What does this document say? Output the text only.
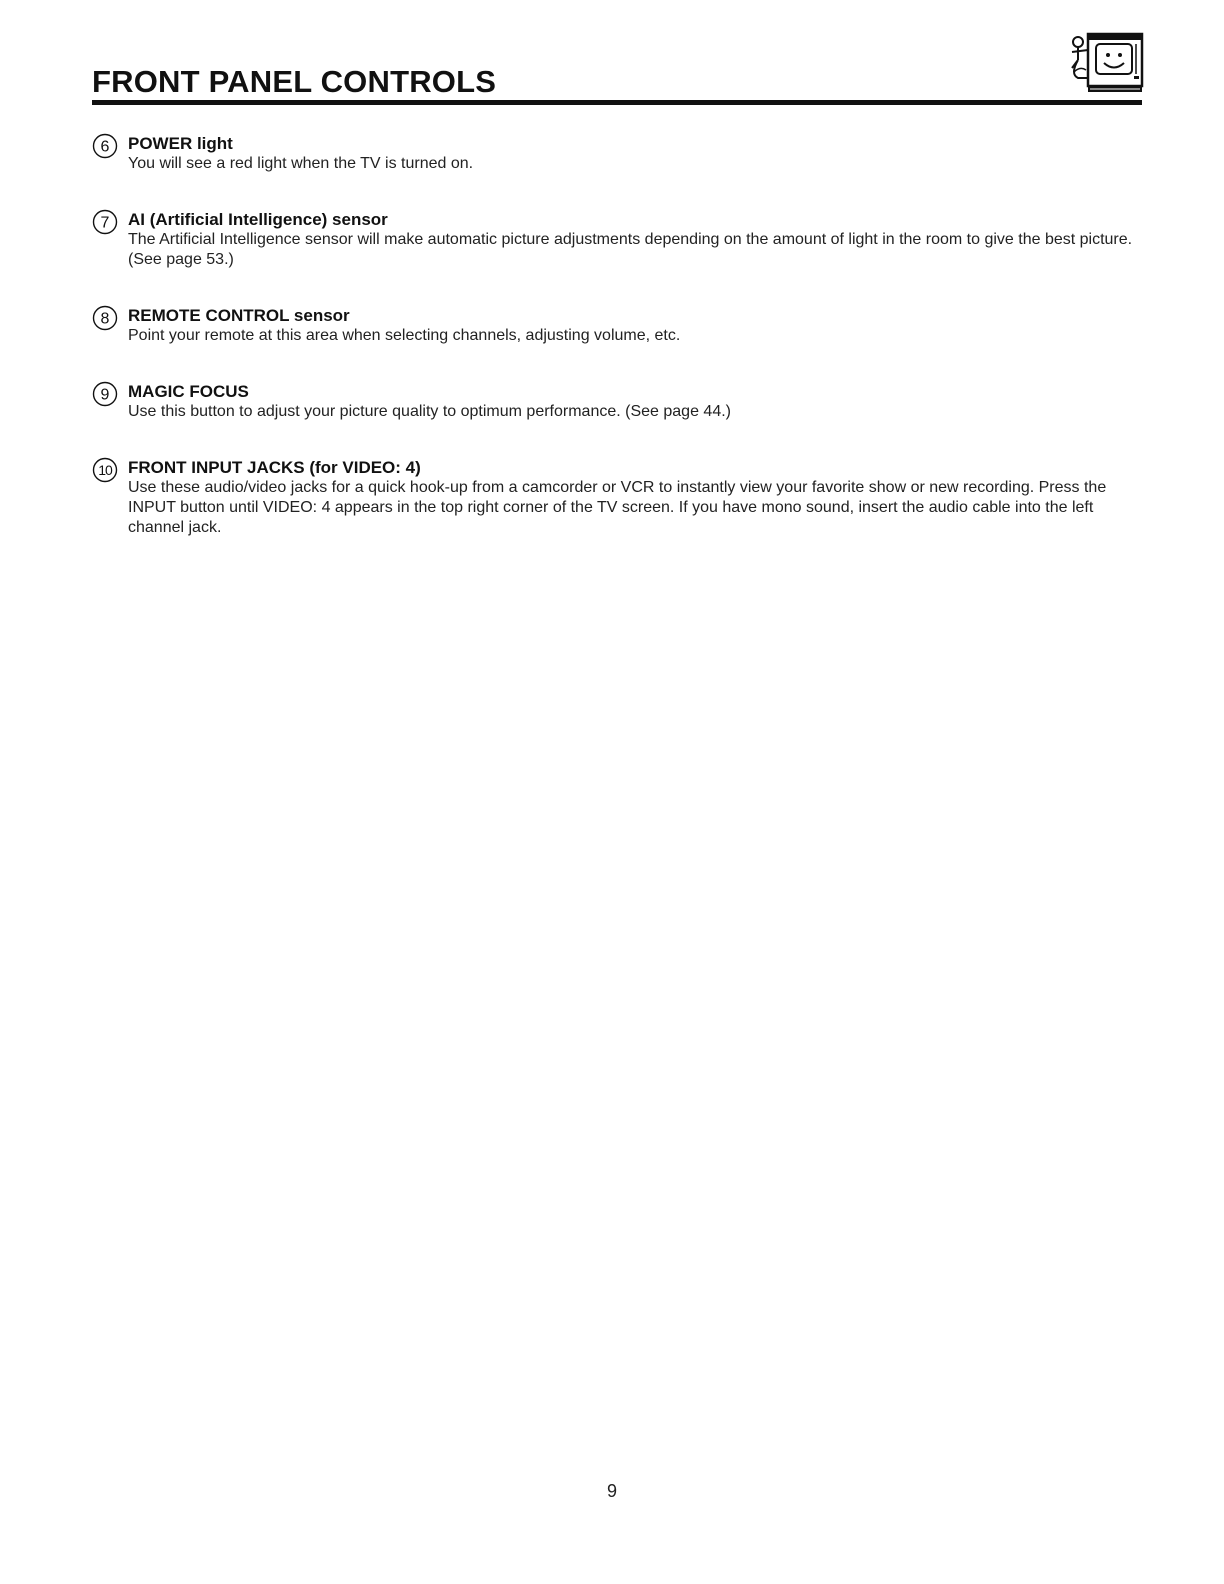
FRONT PANEL CONTROLS
6 POWER light

You will see a red light when the TV is turned on.

7 AI (Artificial Intelligence) sensor

The Artificial Intelligence sensor will make automatic picture adjustments depending on the amount of light in the room to give the best picture. (See page 53.)

8 REMOTE CONTROL sensor

Point your remote at this area when selecting channels, adjusting volume, etc.

9 MAGIC FOCUS

Use this button to adjust your picture quality to optimum performance. (See page 44.)

10 FRONT INPUT JACKS (for VIDEO: 4)

Use these audio/video jacks for a quick hook-up from a camcorder or VCR to instantly view your favorite show or new recording. Press the INPUT button until VIDEO: 4 appears in the top right corner of the TV screen. If you have mono sound, insert the audio cable into the left channel jack.

9
